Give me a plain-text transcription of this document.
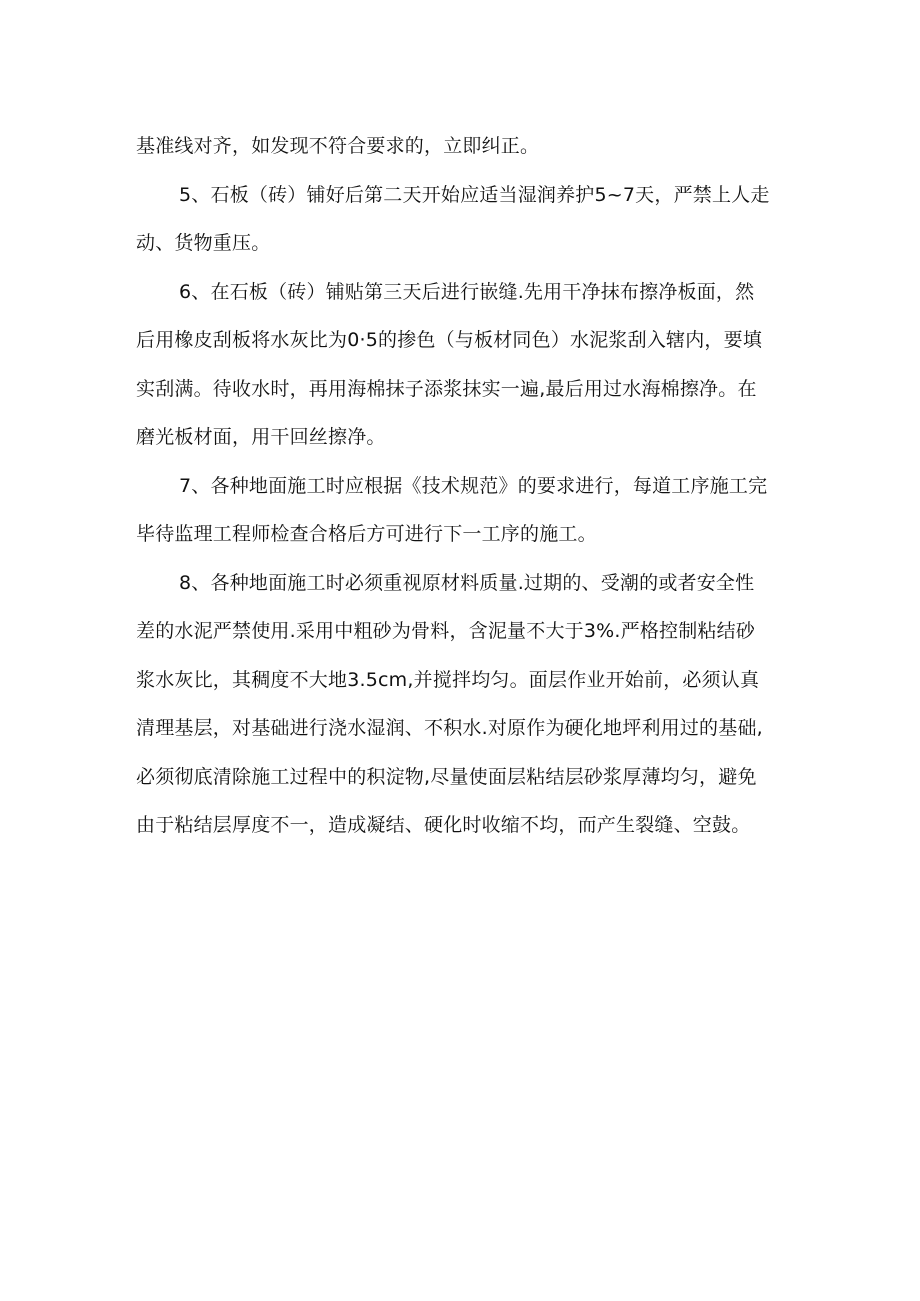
基准线对齐，如发现不符合要求的，立即纠正。
5、石板（砖）铺好后第二天开始应适当湿润养护5~7天，严禁上人走
动、货物重压。
6、在石板（砖）铺贴第三天后进行嵌缝.先用干净抹布擦净板面，然
后用橡皮刮板将水灰比为0·5的掺色（与板材同色）水泥浆刮入辖内，要填
实刮满。待收水时，再用海棉抹子添浆抹实一遍,最后用过水海棉擦净。在
磨光板材面，用干回丝擦净。
7、各种地面施工时应根据《技术规范》的要求进行，每道工序施工完
毕待监理工程师检查合格后方可进行下一工序的施工。
8、各种地面施工时必须重视原材料质量.过期的、受潮的或者安全性
差的水泥严禁使用.采用中粗砂为骨料，含泥量不大于3%.严格控制粘结砂
浆水灰比，其稠度不大地3.5cm,并搅拌均匀。面层作业开始前，必须认真
清理基层，对基础进行浇水湿润、不积水.对原作为硬化地坪利用过的基础,
必须彻底清除施工过程中的积淀物,尽量使面层粘结层砂浆厚薄均匀，避免
由于粘结层厚度不一，造成凝结、硬化时收缩不均，而产生裂缝、空鼓。
